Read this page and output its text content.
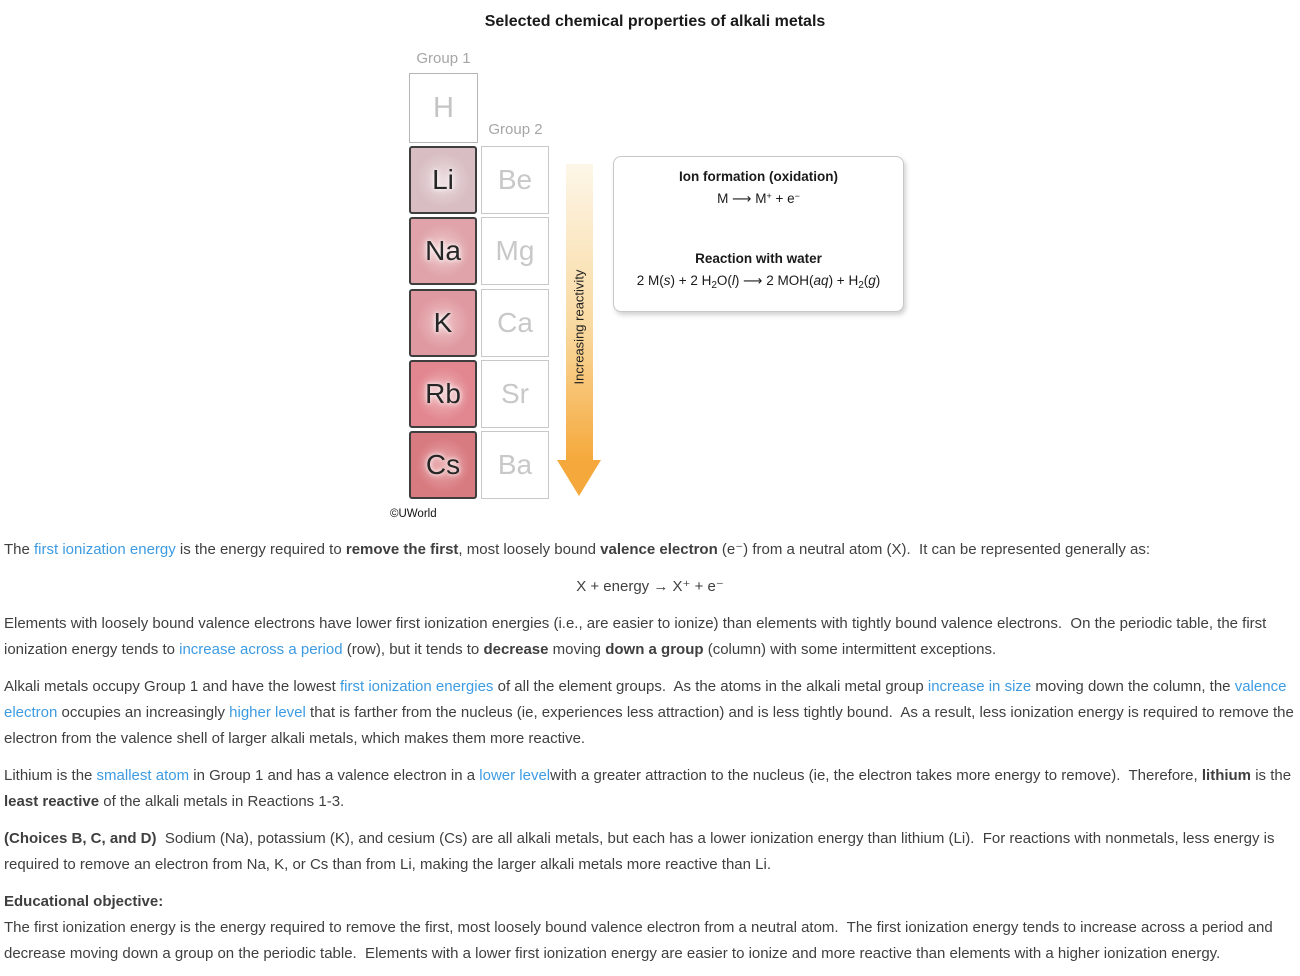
Selected chemical properties of alkali metals
Group 1
H
Group 2
Li
Na
K
Rb
Cs
Be
Mg
Ca
Sr
Ba
Increasing reactivity
Ion formation (oxidation)
M ⟶ M+ + e−
Reaction with water
2 M(s) + 2 $H_2O(l)$ ⟶ 2 $MOH(aq) + H_2(g)$
©UWorld

The first ionization energy is the energy required to remove the first, most loosely bound valence electron (e⁻) from a neutral atom (X).  It can be represented generally as:

X + energy → X⁺ + e⁻

Elements with loosely bound valence electrons have lower first ionization energies (i.e., are easier to ionize) than elements with tightly bound valence electrons.  On the periodic table, the first ionization energy tends to increase across a period (row), but it tends to decrease moving down a group (column) with some intermittent exceptions.

Alkali metals occupy Group 1 and have the lowest first ionization energies of all the element groups.  As the atoms in the alkali metal group increase in size moving down the column, the valence electron occupies an increasingly higher level that is farther from the nucleus (ie, experiences less attraction) and is less tightly bound.  As a result, less ionization energy is required to remove the electron from the valence shell of larger alkali metals, which makes them more reactive.

Lithium is the smallest atom in Group 1 and has a valence electron in a lower levelwith a greater attraction to the nucleus (ie, the electron takes more energy to remove).  Therefore, lithium is the least reactive of the alkali metals in Reactions 1-3.

(Choices B, C, and D)  Sodium (Na), potassium (K), and cesium (Cs) are all alkali metals, but each has a lower ionization energy than lithium (Li).  For reactions with nonmetals, less energy is required to remove an electron from Na, K, or Cs than from Li, making the larger alkali metals more reactive than Li.

Educational objective:

The first ionization energy is the energy required to remove the first, most loosely bound valence electron from a neutral atom.  The first ionization energy tends to increase across a period and decrease moving down a group on the periodic table.  Elements with a lower first ionization energy are easier to ionize and more reactive than elements with a higher ionization energy.
